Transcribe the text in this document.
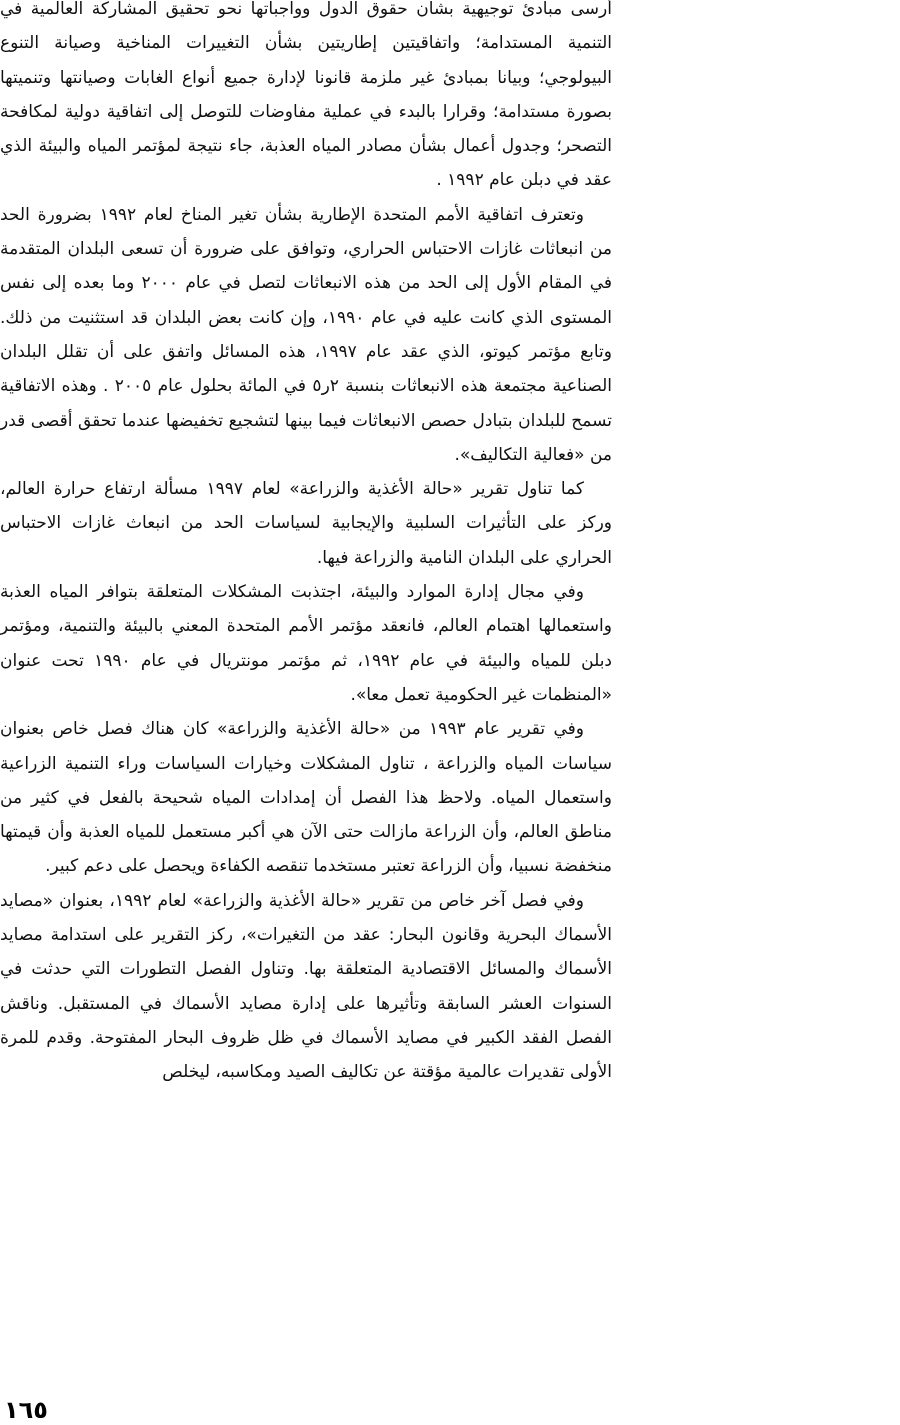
أرسى مبادئ توجيهية بشأن حقوق الدول وواجباتها نحو تحقيق المشاركة العالمية في التنمية المستدامة؛ واتفاقيتين إطاريتين بشأن التغييرات المناخية وصيانة التنوع البيولوجي؛ وبيانا بمبادئ غير ملزمة قانونا لإدارة جميع أنواع الغابات وصيانتها وتنميتها بصورة مستدامة؛ وقرارا بالبدء في عملية مفاوضات للتوصل إلى اتفاقية دولية لمكافحة التصحر؛ وجدول أعمال بشأن مصادر المياه العذبة، جاء نتيجة لمؤتمر المياه والبيئة الذي عقد في دبلن عام ١٩٩٢ .

وتعترف اتفاقية الأمم المتحدة الإطارية بشأن تغير المناخ لعام ١٩٩٢ بضرورة الحد من انبعاثات غازات الاحتباس الحراري، وتوافق على ضرورة أن تسعى البلدان المتقدمة في المقام الأول إلى الحد من هذه الانبعاثات لتصل في عام ٢٠٠٠ وما بعده إلى نفس المستوى الذي كانت عليه في عام ١٩٩٠، وإن كانت بعض البلدان قد استثنيت من ذلك. وتابع مؤتمر كيوتو، الذي عقد عام ١٩٩٧، هذه المسائل واتفق على أن تقلل البلدان الصناعية مجتمعة هذه الانبعاثات بنسبة ٢ر٥ في المائة بحلول عام ٢٠٠٥ . وهذه الاتفاقية تسمح للبلدان بتبادل حصص الانبعاثات فيما بينها لتشجيع تخفيضها عندما تحقق أقصى قدر من «فعالية التكاليف».

كما تناول تقرير «حالة الأغذية والزراعة» لعام ١٩٩٧ مسألة ارتفاع حرارة العالم، وركز على التأثيرات السلبية والإيجابية لسياسات الحد من انبعاث غازات الاحتباس الحراري على البلدان النامية والزراعة فيها.

وفي مجال إدارة الموارد والبيئة، اجتذبت المشكلات المتعلقة بتوافر المياه العذبة واستعمالها اهتمام العالم، فانعقد مؤتمر الأمم المتحدة المعني بالبيئة والتنمية، ومؤتمر دبلن للمياه والبيئة في عام ١٩٩٢، ثم مؤتمر مونتريال في عام ١٩٩٠ تحت عنوان «المنظمات غير الحكومية تعمل معا».

وفي تقرير عام ١٩٩٣ من «حالة الأغذية والزراعة» كان هناك فصل خاص بعنوان سياسات المياه والزراعة ، تناول المشكلات وخيارات السياسات وراء التنمية الزراعية واستعمال المياه. ولاحظ هذا الفصل أن إمدادات المياه شحيحة بالفعل في كثير من مناطق العالم، وأن الزراعة مازالت حتى الآن هي أكبر مستعمل للمياه العذبة وأن قيمتها منخفضة نسبيا، وأن الزراعة تعتبر مستخدما تنقصه الكفاءة ويحصل على دعم كبير.

وفي فصل آخر خاص من تقرير «حالة الأغذية والزراعة» لعام ١٩٩٢، بعنوان «مصايد الأسماك البحرية وقانون البحار: عقد من التغيرات»، ركز التقرير على استدامة مصايد الأسماك والمسائل الاقتصادية المتعلقة بها. وتناول الفصل التطورات التي حدثت في السنوات العشر السابقة وتأثيرها على إدارة مصايد الأسماك في المستقبل. وناقش الفصل الفقد الكبير في مصايد الأسماك في ظل ظروف البحار المفتوحة. وقدم للمرة الأولى تقديرات عالمية مؤقتة عن تكاليف الصيد ومكاسبه، ليخلص

١٦٥
